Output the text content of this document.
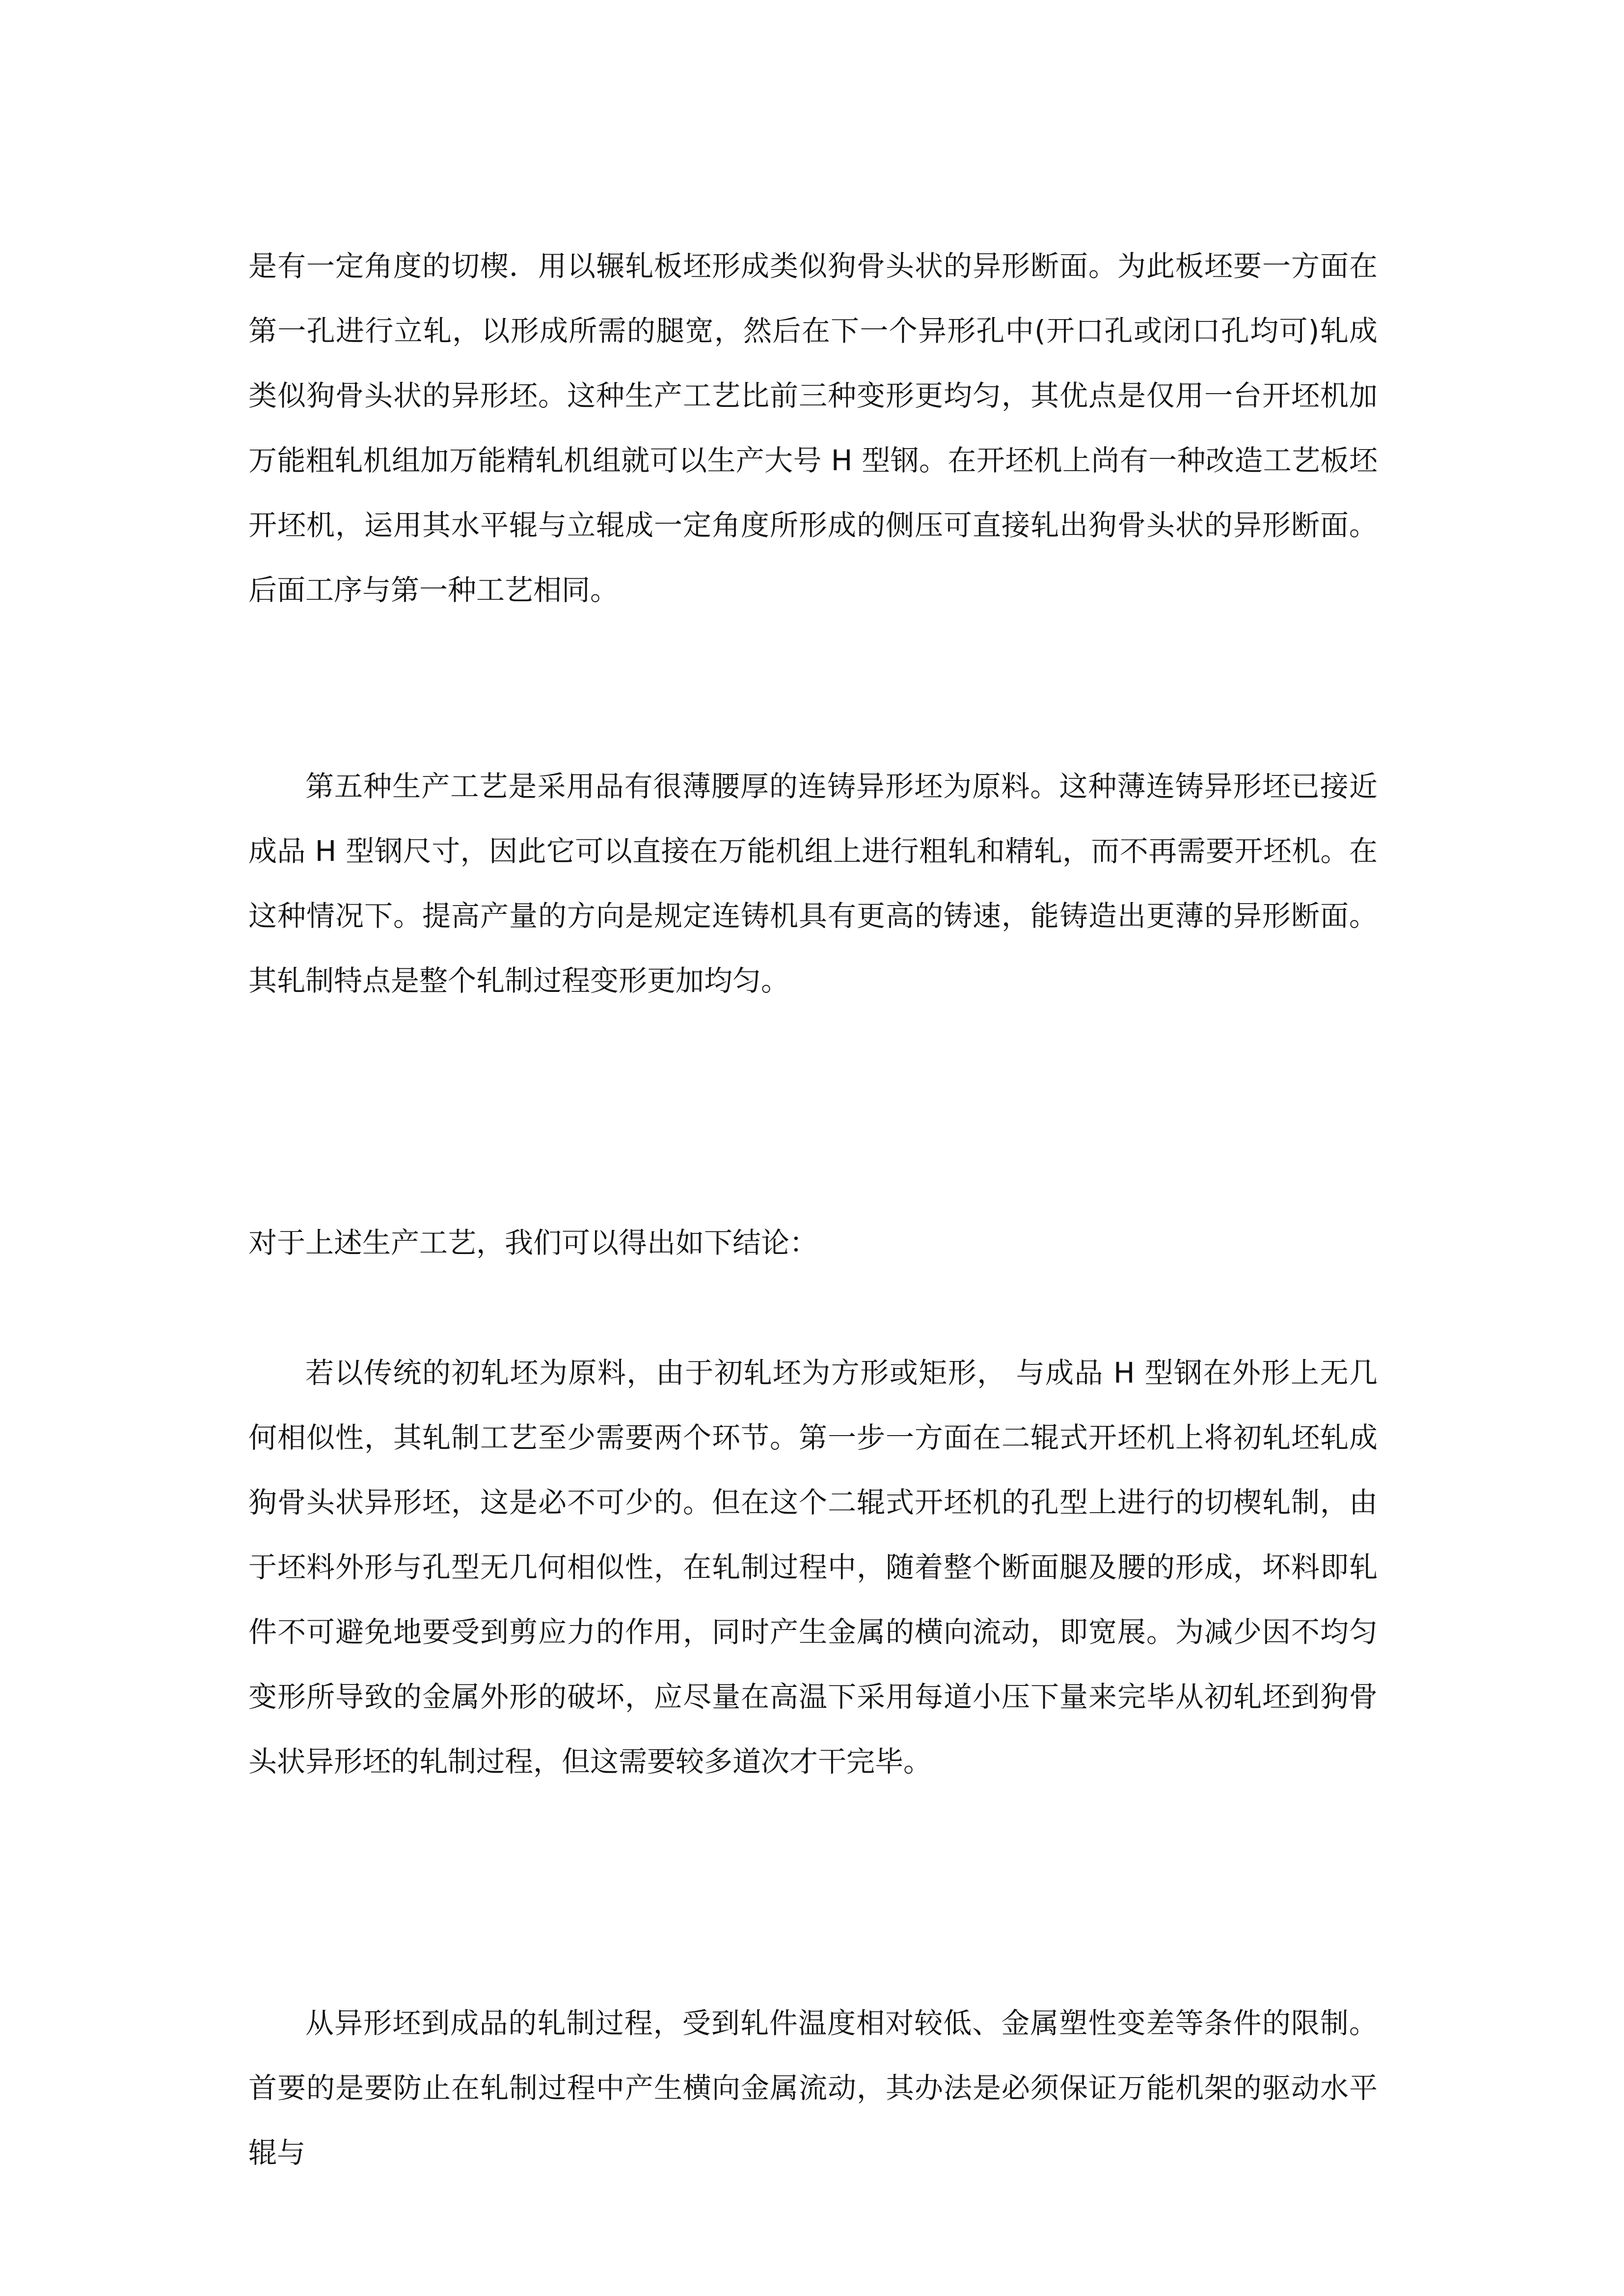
是有一定角度的切楔．用以辗轧板坯形成类似狗骨头状的异形断面。为此板坯要一方面在第一孔进行立轧，以形成所需的腿宽，然后在下一个异形孔中(开口孔或闭口孔均可)轧成类似狗骨头状的异形坯。这种生产工艺比前三种变形更均匀，其优点是仅用一台开坯机加万能粗轧机组加万能精轧机组就可以生产大号 H 型钢。在开坯机上尚有一种改造工艺板坯开坯机，运用其水平辊与立辊成一定角度所形成的侧压可直接轧出狗骨头状的异形断面。后面工序与第一种工艺相同。

第五种生产工艺是采用品有很薄腰厚的连铸异形坯为原料。这种薄连铸异形坯已接近成品 H 型钢尺寸，因此它可以直接在万能机组上进行粗轧和精轧，而不再需要开坯机。在这种情况下。提高产量的方向是规定连铸机具有更高的铸速，能铸造出更薄的异形断面。其轧制特点是整个轧制过程变形更加均匀。

对于上述生产工艺，我们可以得出如下结论：

若以传统的初轧坯为原料，由于初轧坯为方形或矩形， 与成品 H 型钢在外形上无几何相似性，其轧制工艺至少需要两个环节。第一步一方面在二辊式开坯机上将初轧坯轧成狗骨头状异形坯，这是必不可少的。但在这个二辊式开坯机的孔型上进行的切楔轧制，由于坯料外形与孔型无几何相似性，在轧制过程中，随着整个断面腿及腰的形成，坏料即轧件不可避免地要受到剪应力的作用，同时产生金属的横向流动，即宽展。为减少因不均匀变形所导致的金属外形的破坏，应尽量在高温下采用每道小压下量来完毕从初轧坯到狗骨头状异形坯的轧制过程，但这需要较多道次才干完毕。

从异形坯到成品的轧制过程，受到轧件温度相对较低、金属塑性变差等条件的限制。首要的是要防止在轧制过程中产生横向金属流动，其办法是必须保证万能机架的驱动水平辊与
